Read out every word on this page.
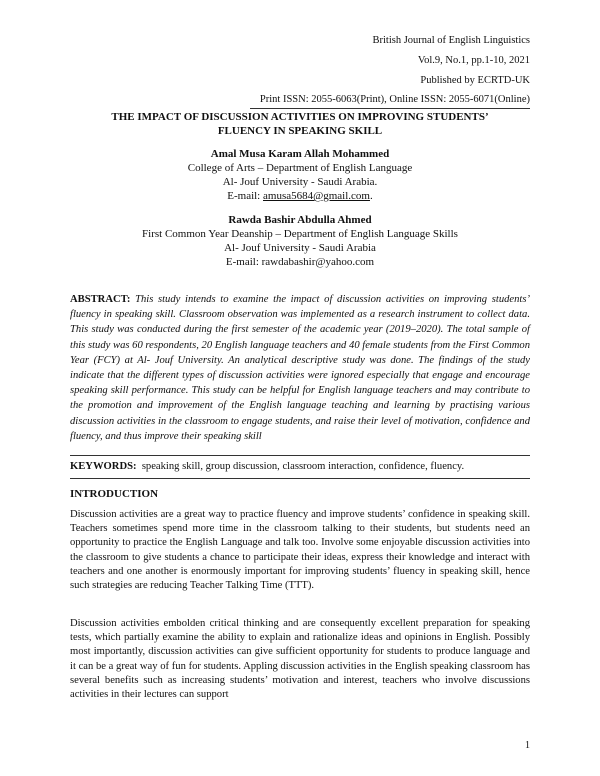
British Journal of English Linguistics
Vol.9, No.1, pp.1-10, 2021
Published by ECRTD-UK
Print ISSN: 2055-6063(Print), Online ISSN: 2055-6071(Online)
THE IMPACT OF DISCUSSION ACTIVITIES ON IMPROVING STUDENTS’
FLUENCY IN SPEAKING SKILL
Amal Musa Karam Allah Mohammed
College of Arts – Department of English Language
Al- Jouf University - Saudi Arabia.
E-mail: amusa5684@gmail.com.
Rawda Bashir Abdulla Ahmed
First Common Year Deanship – Department of English Language Skills
Al- Jouf University - Saudi Arabia
E-mail: rawdabashir@yahoo.com
ABSTRACT: This study intends to examine the impact of discussion activities on improving students’ fluency in speaking skill. Classroom observation was implemented as a research instrument to collect data. This study was conducted during the first semester of the academic year (2019–2020). The total sample of this study was 60 respondents, 20 English language teachers and 40 female students from the First Common Year (FCY) at Al- Jouf University. An analytical descriptive study was done. The findings of the study indicate that the different types of discussion activities were ignored especially that engage and encourage speaking skill performance. This study can be helpful for English language teachers and may contribute to the promotion and improvement of the English language teaching and learning by practising various discussion activities in the classroom to engage students, and raise their level of motivation, confidence and fluency, and thus improve their speaking skill
KEYWORDS: speaking skill, group discussion, classroom interaction, confidence, fluency.
INTRODUCTION
Discussion activities are a great way to practice fluency and improve students’ confidence in speaking skill. Teachers sometimes spend more time in the classroom talking to their students, but students need an opportunity to practice the English Language and talk too. Involve some enjoyable discussion activities into the classroom to give students a chance to participate their ideas, express their knowledge and interact with teachers and one another is enormously important for improving students’ fluency in speaking skill, hence such strategies are reducing Teacher Talking Time (TTT).
Discussion activities embolden critical thinking and are consequently excellent preparation for speaking tests, which partially examine the ability to explain and rationalize ideas and opinions in English. Possibly most importantly, discussion activities can give sufficient opportunity for students to produce language and it can be a great way of fun for students. Appling discussion activities in the English speaking classroom has several benefits such as increasing students’ motivation and interest, teachers who involve discussions activities in their lectures can support
1
